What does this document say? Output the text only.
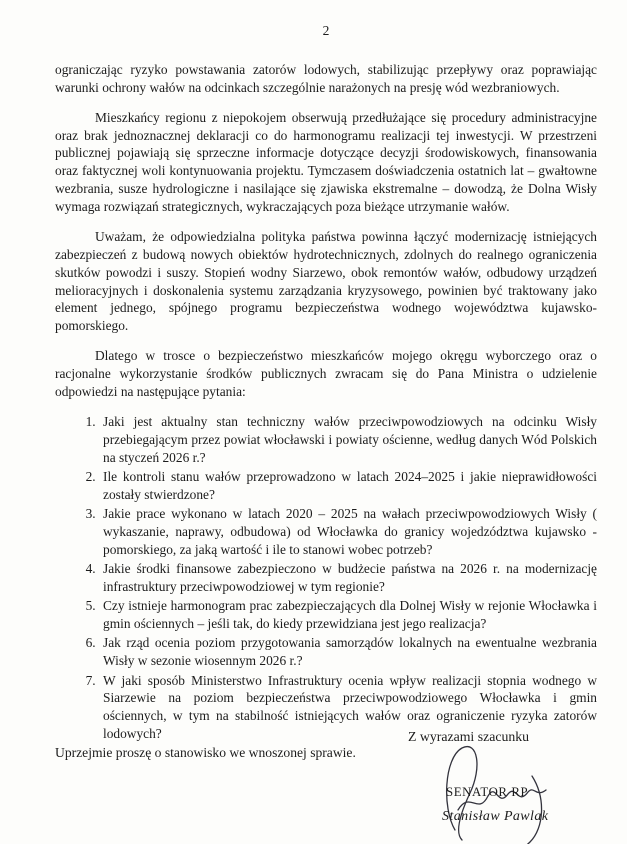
2

ograniczając ryzyko powstawania zatorów lodowych, stabilizując przepływy oraz poprawiając warunki ochrony wałów na odcinkach szczególnie narażonych na presję wód wezbraniowych.

Mieszkańcy regionu z niepokojem obserwują przedłużające się procedury administracyjne oraz brak jednoznacznej deklaracji co do harmonogramu realizacji tej inwestycji. W przestrzeni publicznej pojawiają się sprzeczne informacje dotyczące decyzji środowiskowych, finansowania oraz faktycznej woli kontynuowania projektu. Tymczasem doświadczenia ostatnich lat – gwałtowne wezbrania, susze hydrologiczne i nasilające się zjawiska ekstremalne – dowodzą, że Dolna Wisły wymaga rozwiązań strategicznych, wykraczających poza bieżące utrzymanie wałów.

Uważam, że odpowiedzialna polityka państwa powinna łączyć modernizację istniejących zabezpieczeń z budową nowych obiektów hydrotechnicznych, zdolnych do realnego ograniczenia skutków powodzi i suszy. Stopień wodny Siarzewo, obok remontów wałów, odbudowy urządzeń melioracyjnych i doskonalenia systemu zarządzania kryzysowego, powinien być traktowany jako element jednego, spójnego programu bezpieczeństwa wodnego województwa kujawsko-pomorskiego.

Dlatego w trosce o bezpieczeństwo mieszkańców mojego okręgu wyborczego oraz o racjonalne wykorzystanie środków publicznych zwracam się do Pana Ministra o udzielenie odpowiedzi na następujące pytania:

1. Jaki jest aktualny stan techniczny wałów przeciwpowodziowych na odcinku Wisły przebiegającym przez powiat włocławski i powiaty ościenne, według danych Wód Polskich na styczeń 2026 r.?
2. Ile kontroli stanu wałów przeprowadzono w latach 2024–2025 i jakie nieprawidłowości zostały stwierdzone?
3. Jakie prace wykonano w latach 2020 – 2025 na wałach przeciwpowodziowych Wisły ( wykaszanie, naprawy, odbudowa) od Włocławka do granicy wojedzództwa kujawsko - pomorskiego, za jaką wartość i ile to stanowi wobec potrzeb?
4. Jakie środki finansowe zabezpieczono w budżecie państwa na 2026 r. na modernizację infrastruktury przeciwpowodziowej w tym regionie?
5. Czy istnieje harmonogram prac zabezpieczających dla Dolnej Wisły w rejonie Włocławka i gmin ościennych – jeśli tak, do kiedy przewidziana jest jego realizacja?
6. Jak rząd ocenia poziom przygotowania samorządów lokalnych na ewentualne wezbrania Wisły w sezonie wiosennym 2026 r.?
7. W jaki sposób Ministerstwo Infrastruktury ocenia wpływ realizacji stopnia wodnego w Siarzewie na poziom bezpieczeństwa przeciwpowodziowego Włocławka i gmin ościennych, w tym na stabilność istniejących wałów oraz ograniczenie ryzyka zatorów lodowych?

Uprzejmie proszę o stanowisko we wnoszonej sprawie.

Z wyrazami szacunku
SENATOR RP
Stanisław Pawlak
